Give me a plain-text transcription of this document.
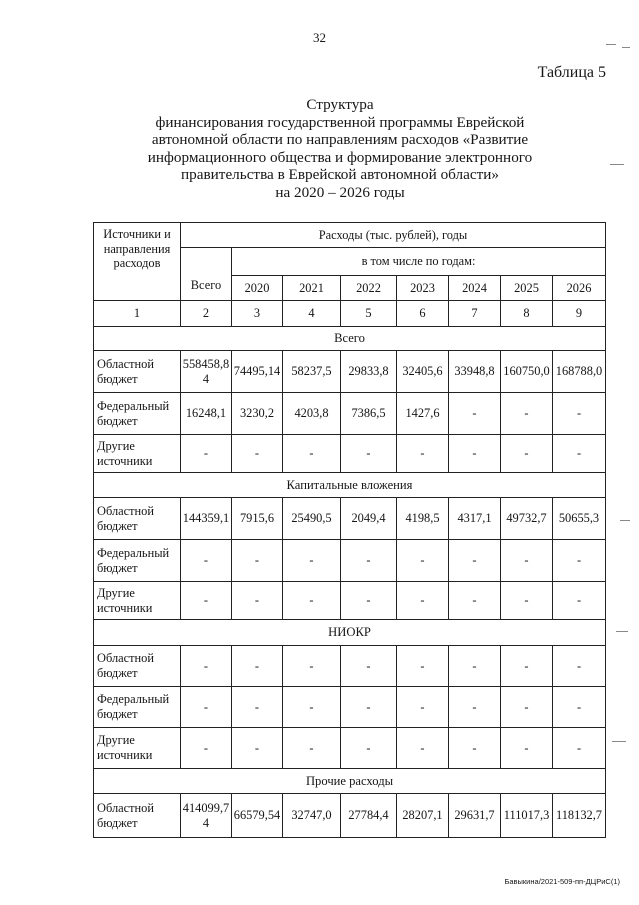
32
Таблица 5
Структура
финансирования государственной программы Еврейской
автономной области по направлениям расходов «Развитие
информационного общества и формирование электронного
правительства в Еврейской автономной области»
на 2020 – 2026 годы
Источники и направления расходов	Расходы (тыс. рублей), годы							
	Всего	в том числе по годам:						
		2020	2021	2022	2023	2024	2025	2026
1	2	3	4	5	6	7	8	9
Всего								
Областной бюджет	558458,84	74495,14	58237,5	29833,8	32405,6	33948,8	160750,0	168788,0
Федеральный бюджет	16248,1	3230,2	4203,8	7386,5	1427,6	-	-	-
Другие источники	-	-	-	-	-	-	-	-
Капитальные вложения								
Областной бюджет	144359,1	7915,6	25490,5	2049,4	4198,5	4317,1	49732,7	50655,3
Федеральный бюджет	-	-	-	-	-	-	-	-
Другие источники	-	-	-	-	-	-	-	-
НИОКР								
Областной бюджет	-	-	-	-	-	-	-	-
Федеральный бюджет	-	-	-	-	-	-	-	-
Другие источники	-	-	-	-	-	-	-	-
Прочие расходы								
Областной бюджет	414099,74	66579,54	32747,0	27784,4	28207,1	29631,7	111017,3	118132,7
Бавыкина/2021-509-пп-ДЦРиС(1)
